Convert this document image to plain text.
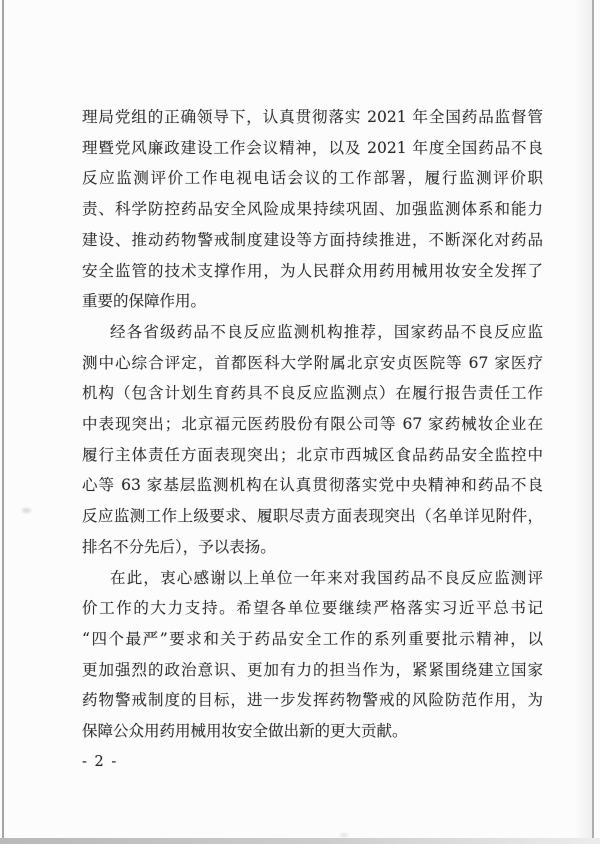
理局党组的正确领导下，认真贯彻落实 2021 年全国药品监督管
理暨党风廉政建设工作会议精神，以及 2021 年度全国药品不良
反应监测评价工作电视电话会议的工作部署，履行监测评价职
责、科学防控药品安全风险成果持续巩固、加强监测体系和能力
建设、推动药物警戒制度建设等方面持续推进，不断深化对药品
安全监管的技术支撑作用，为人民群众用药用械用妆安全发挥了
重要的保障作用。
经各省级药品不良反应监测机构推荐，国家药品不良反应监
测中心综合评定，首都医科大学附属北京安贞医院等 67 家医疗
机构（包含计划生育药具不良反应监测点）在履行报告责任工作
中表现突出；北京福元医药股份有限公司等 67 家药械妆企业在
履行主体责任方面表现突出；北京市西城区食品药品安全监控中
心等 63 家基层监测机构在认真贯彻落实党中央精神和药品不良
反应监测工作上级要求、履职尽责方面表现突出（名单详见附件，
排名不分先后），予以表扬。
在此，衷心感谢以上单位一年来对我国药品不良反应监测评
价工作的大力支持。希望各单位要继续严格落实习近平总书记
“四个最严”要求和关于药品安全工作的系列重要批示精神，以
更加强烈的政治意识、更加有力的担当作为，紧紧围绕建立国家
药物警戒制度的目标，进一步发挥药物警戒的风险防范作用，为
保障公众用药用械用妆安全做出新的更大贡献。
- 2 -
